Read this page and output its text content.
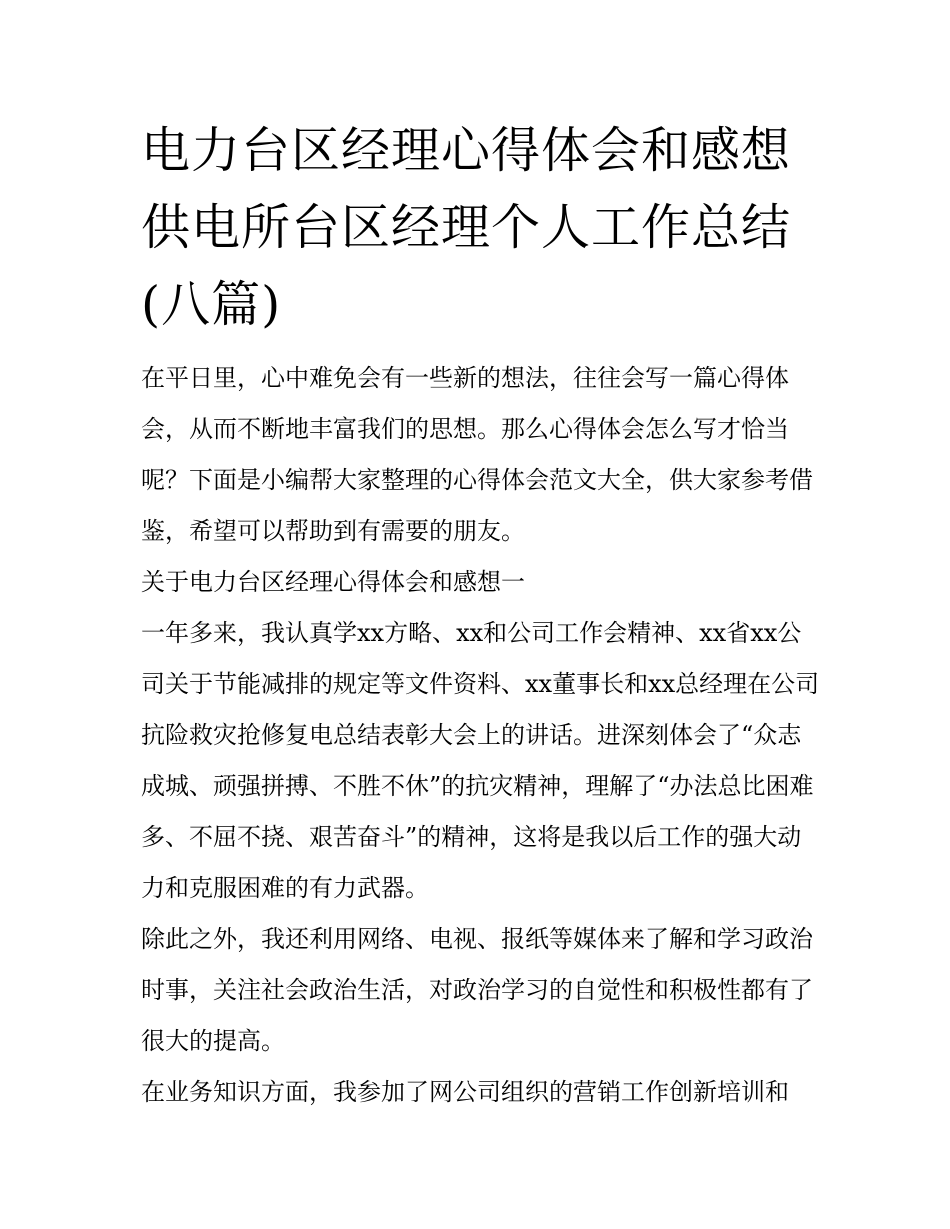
电力台区经理心得体会和感想
供电所台区经理个人工作总结
(八篇)

在平日里，心中难免会有一些新的想法，往往会写一篇心得体会，从而不断地丰富我们的思想。那么心得体会怎么写才恰当呢？下面是小编帮大家整理的心得体会范文大全，供大家参考借鉴，希望可以帮助到有需要的朋友。

关于电力台区经理心得体会和感想一

一年多来，我认真学xx方略、xx和公司工作会精神、xx省xx公司关于节能减排的规定等文件资料、xx董事长和xx总经理在公司抗险救灾抢修复电总结表彰大会上的讲话。进深刻体会了“众志成城、顽强拼搏、不胜不休”的抗灾精神，理解了“办法总比困难多、不屈不挠、艰苦奋斗”的精神，这将是我以后工作的强大动力和克服困难的有力武器。

除此之外，我还利用网络、电视、报纸等媒体来了解和学习政治时事，关注社会政治生活，对政治学习的自觉性和积极性都有了很大的提高。

在业务知识方面，我参加了网公司组织的营销工作创新培训和
